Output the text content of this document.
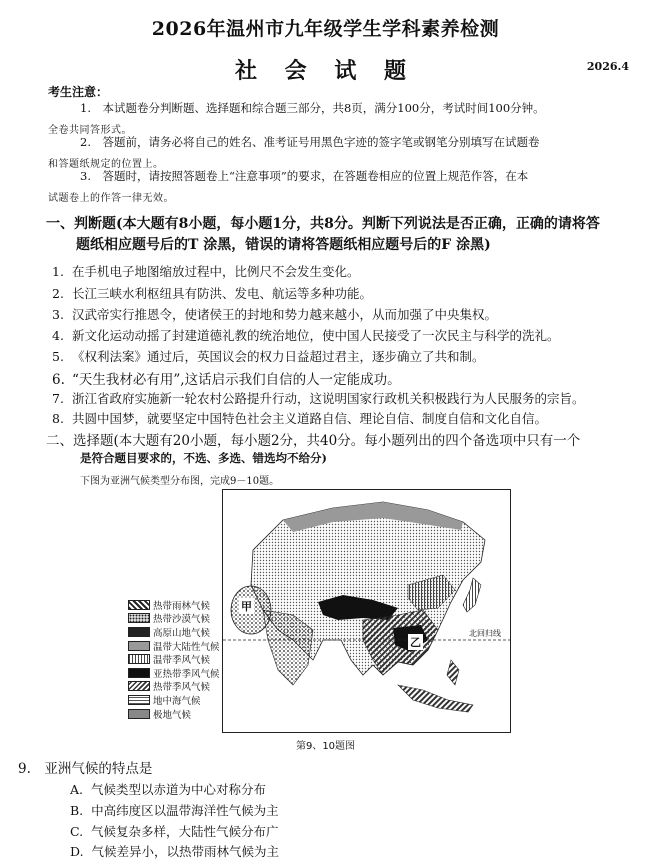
2026年温州市九年级学生学科素养检测
社 会 试 题	2026.4
考生注意：
1.　本试题卷分判断题、选择题和综合题三部分，共8页，满分100分，考试时间100分钟。
全卷共同答形式。
2.　答题前，请务必将自己的姓名、准考证号用黑色字迹的签字笔或钢笔分别填写在试题卷
和答题纸规定的位置上。
3.　答题时，请按照答题卷上“注意事项”的要求，在答题卷相应的位置上规范作答，在本
试题卷上的作答一律无效。
一、判断题(本大题有8小题，每小题1分，共8分。判断下列说法是否正确，正确的请将答
题纸相应题号后的T 涂黑，错误的请将答题纸相应题号后的F 涂黑)
1. 在手机电子地图缩放过程中，比例尺不会发生变化。
2. 长江三峡水利枢纽具有防洪、发电、航运等多种功能。
3. 汉武帝实行推恩令，使诸侯王的封地和势力越来越小，从而加强了中央集权。
4. 新文化运动动摇了封建道德礼教的统治地位，使中国人民接受了一次民主与科学的洗礼。
5. 《权利法案》通过后，英国议会的权力日益超过君主，逐步确立了共和制。
6. “天生我材必有用”,这话启示我们自信的人一定能成功。
7. 浙江省政府实施新一轮农村公路提升行动，这说明国家行政机关积极践行为人民服务的宗旨。
8. 共圆中国梦，就要坚定中国特色社会主义道路自信、理论自信、制度自信和文化自信。
二、选择题(本大题有20小题，每小题2分，共40分。每小题列出的四个备选项中只有一个
是符合题目要求的，不选、多选、错选均不给分)
下图为亚洲气候类型分布图，完成9－10题。
热带雨林气候
热带沙漠气候
高原山地气候
温带大陆性气候
温带季风气候
亚热带季风气候
热带季风气候
地中海气候
极地气候
甲
乙
北回归线
第9、10题图
9.　亚洲气候的特点是
A. 气候类型以赤道为中心对称分布
B. 中高纬度区以温带海洋性气候为主
C. 气候复杂多样，大陆性气候分布广
D. 气候差异小，以热带雨林气候为主
